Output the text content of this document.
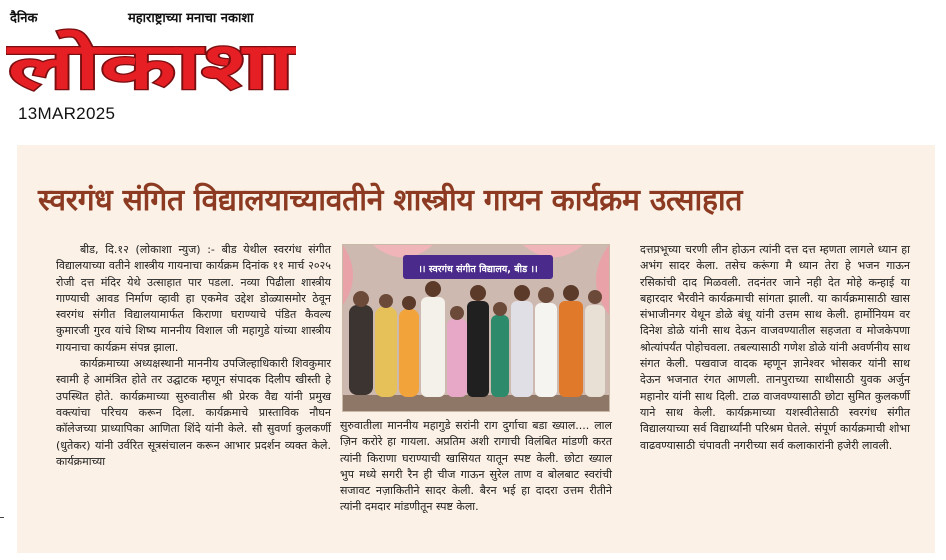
दैनिक	महाराष्ट्राच्या मनाचा नकाशा
लोकाशा
13MAR2025
स्वरगंध संगित विद्यालयाच्यावतीने शास्त्रीय गायन कार्यक्रम उत्साहात

बीड, दि.१२ (लोकाशा न्युज) :- बीड येथील स्वरगंध संगीत विद्यालयाच्या वतीने शास्त्रीय गायनाचा कार्यक्रम दिनांक ११ मार्च २०२५ रोजी दत्त मंदिर येथे उत्साहात पार पडला. नव्या पिढीला शास्त्रीय गाण्याची आवड निर्माण व्हावी हा एकमेव उद्देश डोळ्यासमोर ठेवून स्वरगंध संगीत विद्यालयामार्फत किराणा घराण्याचे पंडित कैवल्य कुमारजी गुरव यांचे शिष्य माननीय विशाल जी महागुडे यांच्या शास्त्रीय गायनाचा कार्यक्रम संपन्न झाला.

कार्यक्रमाच्या अध्यक्षस्थानी माननीय उपजिल्हाधिकारी शिवकुमार स्वामी हे आमंत्रित होते तर उद्घाटक म्हणून संपादक दिलीप खीस्ती हे उपस्थित होते. कार्यक्रमाच्या सुरुवातीस श्री प्रेरक वैद्य यांनी प्रमुख वक्त्यांचा परिचय करून दिला. कार्यक्रमाचे प्रास्ताविक नौघन कॉलेजच्या प्राध्यापिका आणिता शिंदे यांनी केले. सौ सुवर्णा कुलकर्णी (धुतेकर) यांनी उर्वरित सूत्रसंचालन करून आभार प्रदर्शन व्यक्त केले. कार्यक्रमाच्या

।। स्वरगंध संगीत विद्यालय, बीड ।।

सुरुवातीला माननीय महागुडे सरांनी राग दुर्गाचा बडा ख्याल.... लाल ज़िन करोरे हा गायला. अप्रतिम अशी रागाची विलंबित मांडणी करत त्यांनी किराणा घराण्याची खासियत यातून स्पष्ट केली. छोटा ख्याल भुप मध्ये सगरी रैन ही चीज गाऊन सुरेल ताण व बोलबाट स्वरांची सजावट नज़ाकितीने सादर केली. बैरन भई हा दादरा उत्तम रीतीने त्यांनी दमदार मांडणीतून स्पष्ट केला.

दत्तप्रभूच्या चरणी लीन होऊन त्यांनी दत्त दत्त म्हणता लागले ध्यान हा अभंग सादर केला. तसेच करूंगा मै ध्यान तेरा हे भजन गाऊन रसिकांची दाद मिळवली. तदनंतर जाने नही देत मोहे कन्हाई या बहारदार भैरवीने कार्यक्रमाची सांगता झाली. या कार्यक्रमासाठी खास संभाजीनगर येथून डोळे बंधू यांनी उत्तम साथ केली. हार्मोनियम वर दिनेश डोळे यांनी साथ देऊन वाजवण्यातील सहजता व मोजकेपणा श्रोत्यांपर्यंत पोहोचवला. तबल्यासाठी गणेश डोळे यांनी अवर्णनीय साथ संगत केली. पखवाज वादक म्हणून ज्ञानेश्वर भोसकर यांनी साथ देऊन भजनात रंगत आणली. तानपुराच्या साथीसाठी युवक अर्जुन महानोर यांनी साथ दिली. टाळ वाजवण्यासाठी छोटा सुमित कुलकर्णी याने साथ केली. कार्यक्रमाच्या यशस्वीतेसाठी स्वरगंध संगीत विद्यालयाच्या सर्व विद्यार्थ्यांनी परिश्रम घेतले. संपूर्ण कार्यक्रमाची शोभा वाढवण्यासाठी चंपावती नगरीच्या सर्व कलाकारांनी हजेरी लावली.
